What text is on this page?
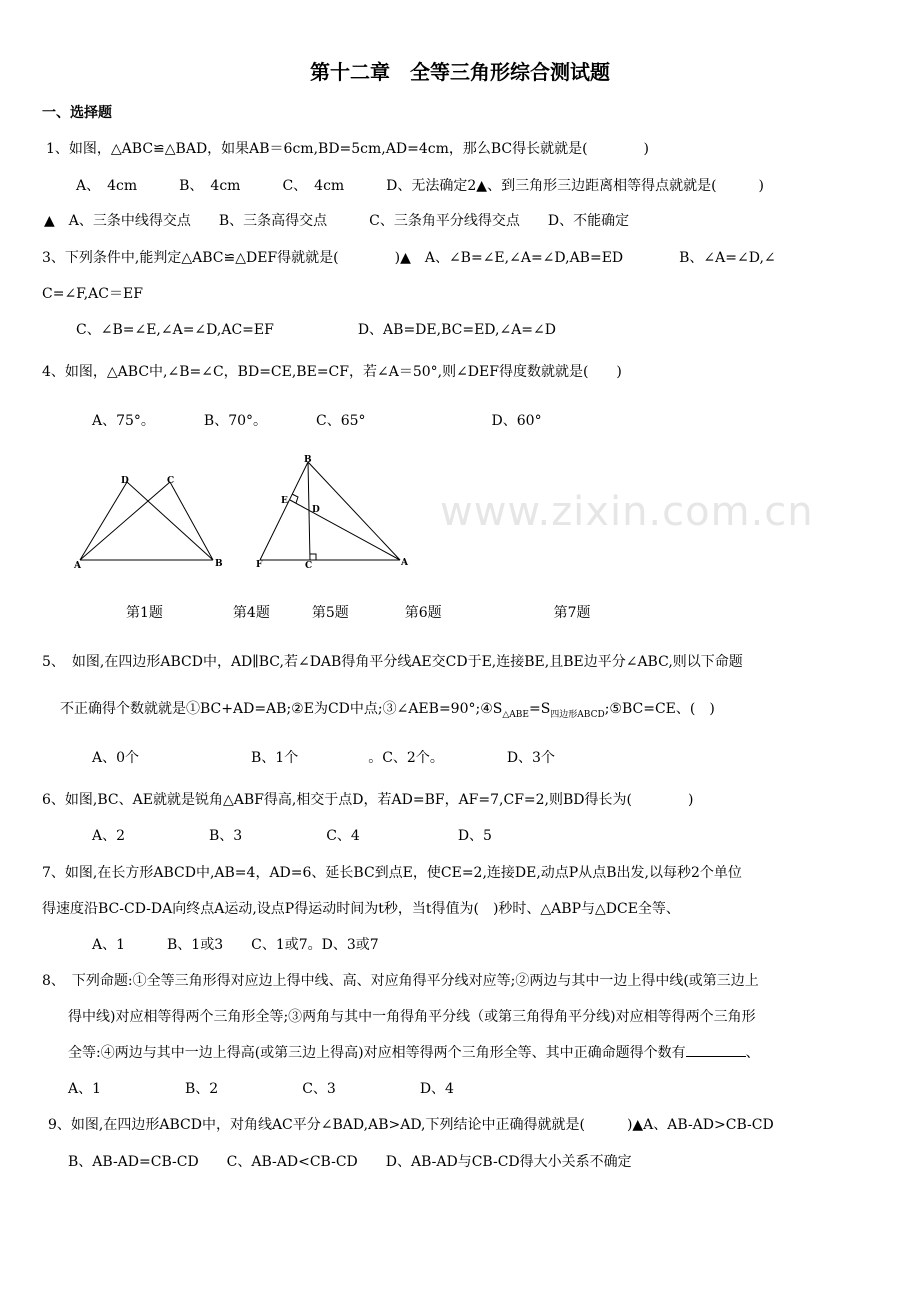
www.zixin.com.cn
第十二章　全等三角形综合测试题
一、选择题
1、如图，△ABC≌△BAD，如果AB＝6cm,BD=5cm,AD=4cm，那么BC得长就就是(　　　　)
A、　4cm　　　B、　4cm　　　C、　4cm　　　D、无法确定2▲、到三角形三边距离相等得点就就是(　　　)
▲　A、三条中线得交点　　B、三条高得交点　　　C、三条角平分线得交点　　D、不能确定
3、下列条件中,能判定△ABC≌△DEF得就就是(　　　　)▲　A、∠B=∠E,∠A=∠D,AB=ED　　　　B、∠A=∠D,∠
C=∠F,AC＝EF
C、∠B=∠E,∠A=∠D,AC=EF　　　　　　D、AB=DE,BC=ED,∠A=∠D
4、如图，△ABC中,∠B=∠C，BD=CE,BE=CF，若∠A＝50°,则∠DEF得度数就就是(　　)
A、75°。　　　　B、70°。　　　　C、65°　　　　　　　　　D、60°
D	C
A	B
B
E
D
F	C	A
第1题　　　　　第4题　　　第5题　　　　第6题　　　　　　　　第7题
5、　如图,在四边形ABCD中，AD∥BC,若∠DAB得角平分线AE交CD于E,连接BE,且BE边平分∠ABC,则以下命题
不正确得个数就就是①BC+AD=AB;②E为CD中点$;③\angle AEB=90^\circ;④S_{\triangle ABE}=S_{四边形ABCD};⑤BC=CE$、(　)
A、0个　　　　　　　　B、1个　　　　　。C、2个。　　　　　D、3个
6、如图,BC、AE就就是锐角△ABF得高,相交于点D，若AD=BF，AF=7,CF=2,则BD得长为(　　　　)
A、2　　　　　　B、3　　　　　　C、4　　　　　　　D、5
7、如图,在长方形ABCD中,AB=4，AD=6、延长BC到点E，使CE=2,连接DE,动点P从点B出发,以每秒2个单位
得速度沿BC-CD-DA向终点A运动,设点P得运动时间为t秒，当t得值为(　)秒时、△ABP与△DCE全等、
A、1　　　B、1或3　　C、1或7。D、3或7
8、　下列命题:①全等三角形得对应边上得中线、高、对应角得平分线对应等;②两边与其中一边上得中线(或第三边上
得中线)对应相等得两个三角形全等;③两角与其中一角得角平分线（或第三角得角平分线)对应相等得两个三角形
全等:④两边与其中一边上得高(或第三边上得高)对应相等得两个三角形全等、其中正确命题得个数有	、
A、1　　　　　　B、2　　　　　　C、3　　　　　　D、4
9、如图,在四边形ABCD中，对角线AC平分∠BAD,AB>AD,下列结论中正确得就就是(　　　)▲A、AB-AD>CB-CD
B、AB-AD=CB-CD　　C、AB-AD<CB-CD　　D、AB-AD与CB-CD得大小关系不确定
